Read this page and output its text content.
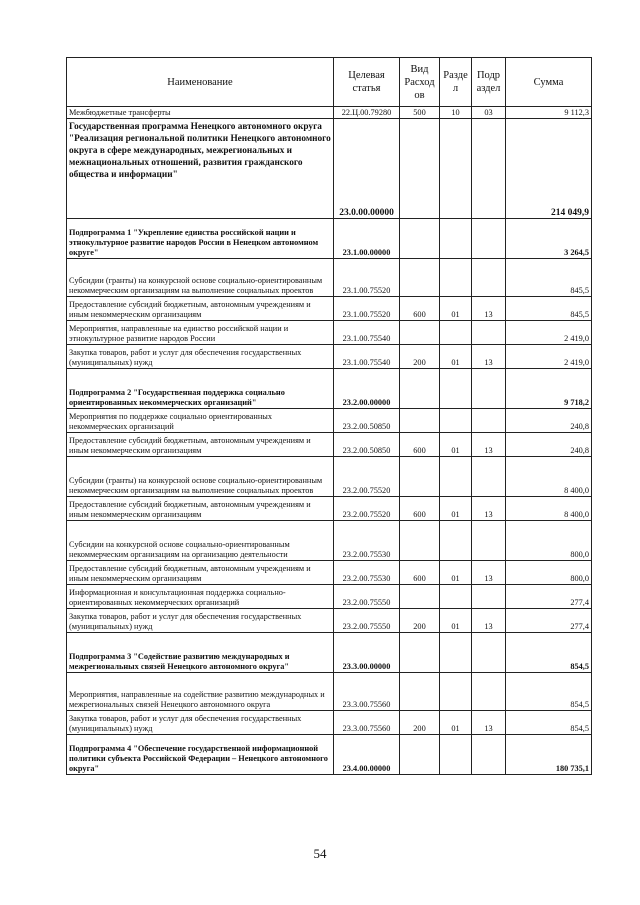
Наименование	Целевая статья	Вид Расход ов	Разде л	Подр аздел	Сумма
Межбюджетные трансферты	22.Ц.00.79280	500	10	03	9 112,3
Государственная программа Ненецкого автономного округа "Реализация региональной политики Ненецкого автономного округа в сфере международных, межрегиональных и межнациональных отношений, развития гражданского общества и информации"	23.0.00.00000				214 049,9
Подпрограмма 1 "Укрепление единства российской нации и этнокультурное развитие народов России в Ненецком автономном округе"	23.1.00.00000				3 264,5
Субсидии (гранты) на конкурсной основе социально-ориентированным некоммерческим организациям на выполнение социальных проектов	23.1.00.75520				845,5
Предоставление субсидий бюджетным, автономным учреждениям и иным некоммерческим организациям	23.1.00.75520	600	01	13	845,5
Мероприятия, направленные на единство российской нации и этнокультурное развитие народов России	23.1.00.75540				2 419,0
Закупка товаров, работ и услуг для обеспечения государственных (муниципальных) нужд	23.1.00.75540	200	01	13	2 419,0
Подпрограмма 2 "Государственная поддержка социально ориентированных некоммерческих организаций"	23.2.00.00000				9 718,2
Мероприятия по поддержке социально ориентированных некоммерческих организаций	23.2.00.50850				240,8
Предоставление субсидий бюджетным, автономным учреждениям и иным некоммерческим организациям	23.2.00.50850	600	01	13	240,8
Субсидии (гранты) на конкурсной основе социально-ориентированным некоммерческим организациям на выполнение социальных проектов	23.2.00.75520				8 400,0
Предоставление субсидий бюджетным, автономным учреждениям и иным некоммерческим организациям	23.2.00.75520	600	01	13	8 400,0
Субсидии на конкурсной основе социально-ориентированным некоммерческим организациям на организацию деятельности	23.2.00.75530				800,0
Предоставление субсидий бюджетным, автономным учреждениям и иным некоммерческим организациям	23.2.00.75530	600	01	13	800,0
Информационная и консультационная поддержка социально-ориентированных некоммерческих организаций	23.2.00.75550				277,4
Закупка товаров, работ и услуг для обеспечения государственных (муниципальных) нужд	23.2.00.75550	200	01	13	277,4
Подпрограмма 3 "Содействие развитию международных и межрегиональных связей Ненецкого автономного округа"	23.3.00.00000				854,5
Мероприятия, направленные на содействие развитию международных и межрегиональных связей Ненецкого автономного округа	23.3.00.75560				854,5
Закупка товаров, работ и услуг для обеспечения государственных (муниципальных) нужд	23.3.00.75560	200	01	13	854,5
Подпрограмма 4 "Обеспечение государственной информационной политики субъекта Российской Федерации – Ненецкого автономного округа"	23.4.00.00000				180 735,1
54
